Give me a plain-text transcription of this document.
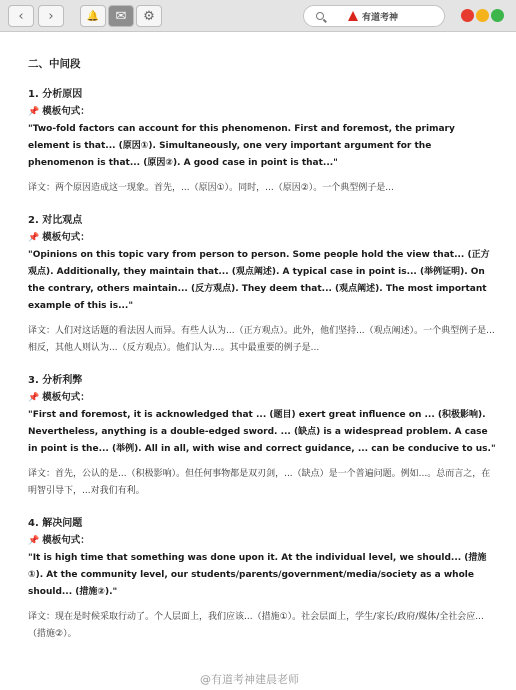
‹ ›	🔔 ✉ ⚙	有道考神
二、中间段
1. 分析原因
📌 模板句式：
"Two-fold factors can account for this phenomenon. First and foremost, the primary element is that... (原因①). Simultaneously, one very important argument for the phenomenon is that... (原因②). A good case in point is that..."
译文：两个原因造成这一现象。首先，...（原因①）。同时，...（原因②）。一个典型例子是...
2. 对比观点
📌 模板句式：
"Opinions on this topic vary from person to person. Some people hold the view that... (正方观点). Additionally, they maintain that... (观点阐述). A typical case in point is... (举例证明). On the contrary, others maintain... (反方观点). They deem that... (观点阐述). The most important example of this is..."
译文：人们对这话题的看法因人而异。有些人认为...（正方观点）。此外，他们坚持...（观点阐述）。一个典型例子是... 相反，其他人则认为...（反方观点）。他们认为...。其中最重要的例子是...
3. 分析利弊
📌 模板句式：
"First and foremost, it is acknowledged that ... (题目) exert great influence on ... (积极影响). Nevertheless, anything is a double-edged sword. ... (缺点) is a widespread problem. A case in point is the... (举例). All in all, with wise and correct guidance, ... can be conducive to us."
译文：首先，公认的是...（积极影响）。但任何事物都是双刃剑，...（缺点）是一个普遍问题。例如...。总而言之，在明智引导下，...对我们有利。
4. 解决问题
📌 模板句式：
"It is high time that something was done upon it. At the individual level, we should... (措施①). At the community level, our students/parents/government/media/society as a whole should... (措施②)."
译文：现在是时候采取行动了。个人层面上，我们应该...（措施①）。社会层面上，学生/家长/政府/媒体/全社会应...（措施②）。
@有道考神建晨老师
